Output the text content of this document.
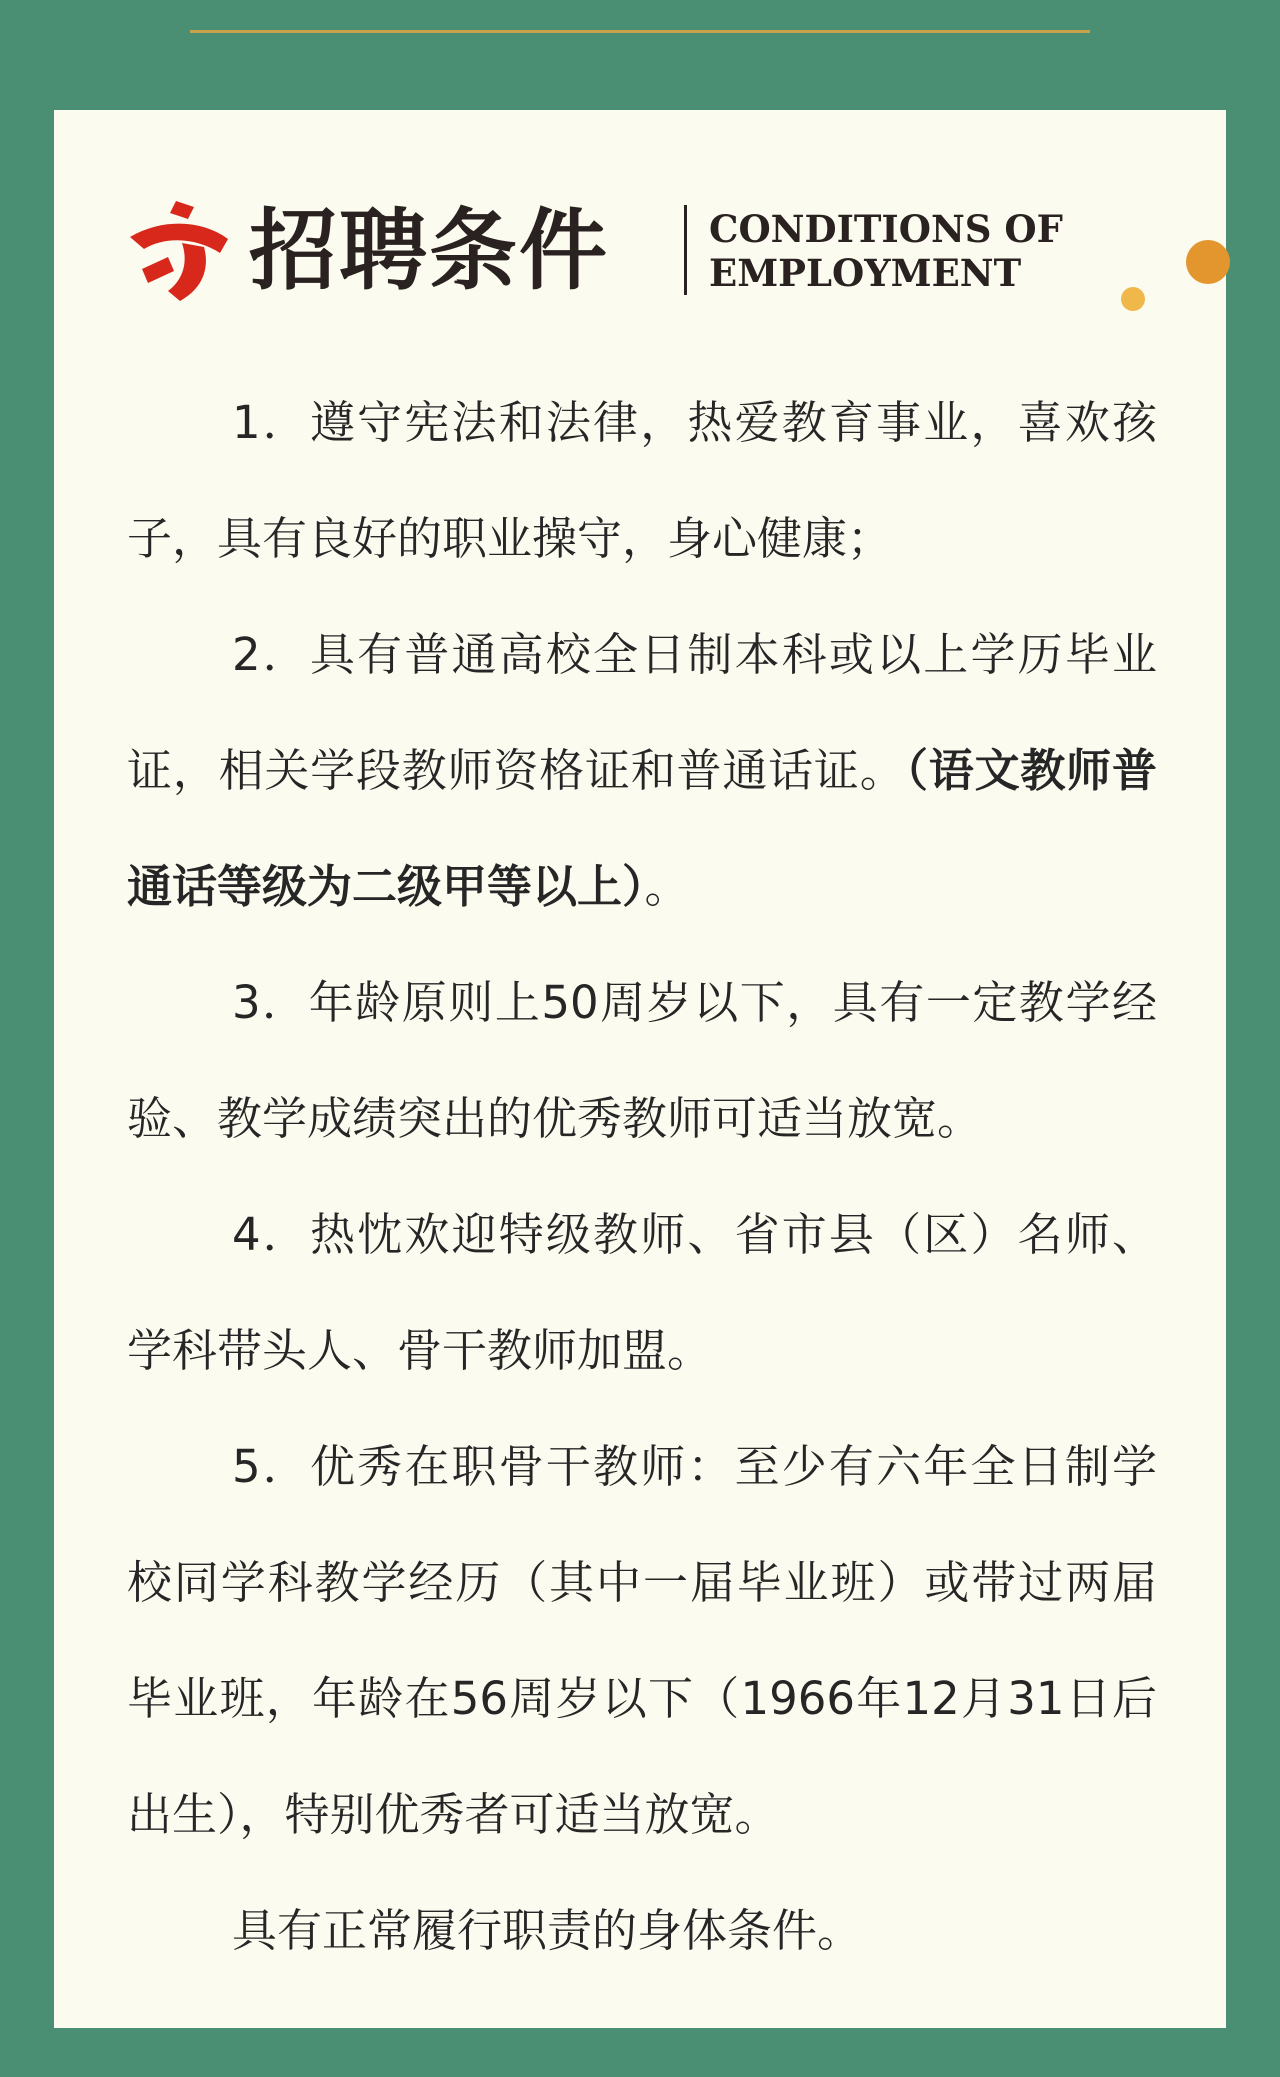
招聘条件	CONDITIONS OF
EMPLOYMENT

1．遵守宪法和法律，热爱教育事业，喜欢孩子，具有良好的职业操守，身心健康；

2．具有普通高校全日制本科或以上学历毕业证，相关学段教师资格证和普通话证。（语文教师普通话等级为二级甲等以上）。

3．年龄原则上50周岁以下，具有一定教学经验、教学成绩突出的优秀教师可适当放宽。

4．热忱欢迎特级教师、省市县（区）名师、学科带头人、骨干教师加盟。

5．优秀在职骨干教师：至少有六年全日制学校同学科教学经历（其中一届毕业班）或带过两届毕业班，年龄在56周岁以下（1966年12月31日后出生），特别优秀者可适当放宽。

具有正常履行职责的身体条件。
